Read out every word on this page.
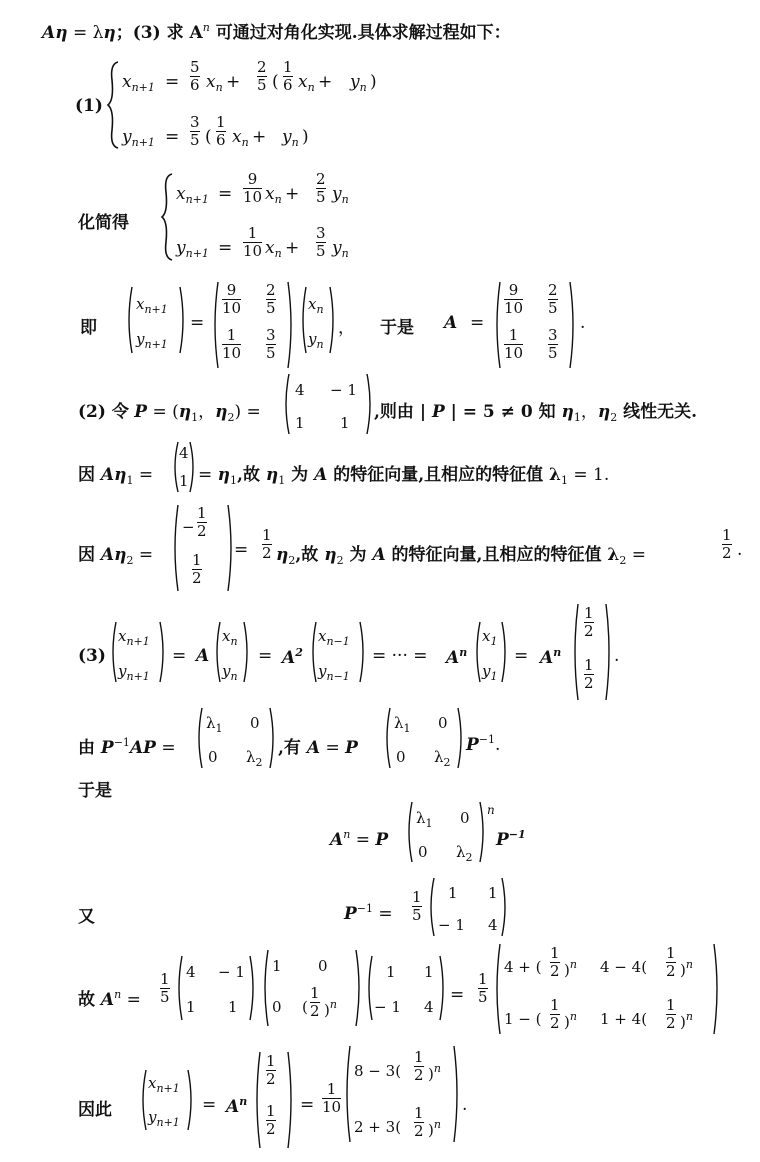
Aη = λη；(3) 求 $A^n$ 可通过对角化实现.具体求解过程如下：
(1)
$x_{n+1}$ =
5
6 $x_n$ +
2
5 (
1
6 $x_n + y_n$ )
$y_{n+1}$ =
3
5 (
1
6 $x_n + y_n$ )
化简得
$x_{n+1}$ =
9
10 $x_n$ +
2
5 $y_n$
$y_{n+1}$ =
1
10 $x_n$ +
3
5 $y_n$
即
$x_{n+1}$
$y_{n+1}$
=
9
10
2
5
1
10
3
5
$x_n$
$y_n$
， 于是 A =
9
10
2
5
1
10
3
5
.
(2) 令 $P = (\eta_1$，$\eta_2$) =
4 − 1
1 1
,则由 | P | = 5 ≠ 0 知 $\eta_1$，$\eta_2$ 线性无关.
因 $A\eta_1$ =
4
$1 = \eta_1$,故 $\eta_1$ 为 A 的特征向量,且相应的特征值 $\lambda_1 = 1$.
因 $A\eta_2$ =
−
1
2
1
2
=
1
2 $\eta_2$,故 $\eta_2$ 为 A 的特征向量,且相应的特征值 $\lambda_2$ =
1
2 .
(3)
$x_{n+1}$
$y_{n+1}$
= A
$x_n$
$y_n$
= $A^2$
$x_{n-1}$
$y_{n-1}$
= ··· = $A^n$
$x_1$
$y_1$
= $A^n$
1
2
1
2
.
由 $P^{-1}AP$ =
$\lambda_1$ 0
0 $\lambda_2$
,有 A = P
$\lambda_1$ 0
0 $\lambda_2$
$P^{-1}$.
于是
$A^n = P$
$\lambda_1$ 0
0 $\lambda_2$
n
$P^{-1}$
又	$P^{-1}$ =
1
5
1 1
− 1 4
故 $A^n$ =
1
5
4 − 1
1 1
1 0
0 (
1
2 )$^n$
1 1
− 1 4
=
1
5
4 + (
1
2 )$^n$ 4 − 4(
1
2 )$^n$
1 − (
1
2 )$^n$ 1 + 4(
1
2 )$^n$
因此
$x_{n+1}$
$y_{n+1}$
= $A^n$
1
2
1
2
=
1
10
8 − 3(
1
2 )$^n$
2 + 3(
1
2 )$^n$
.
